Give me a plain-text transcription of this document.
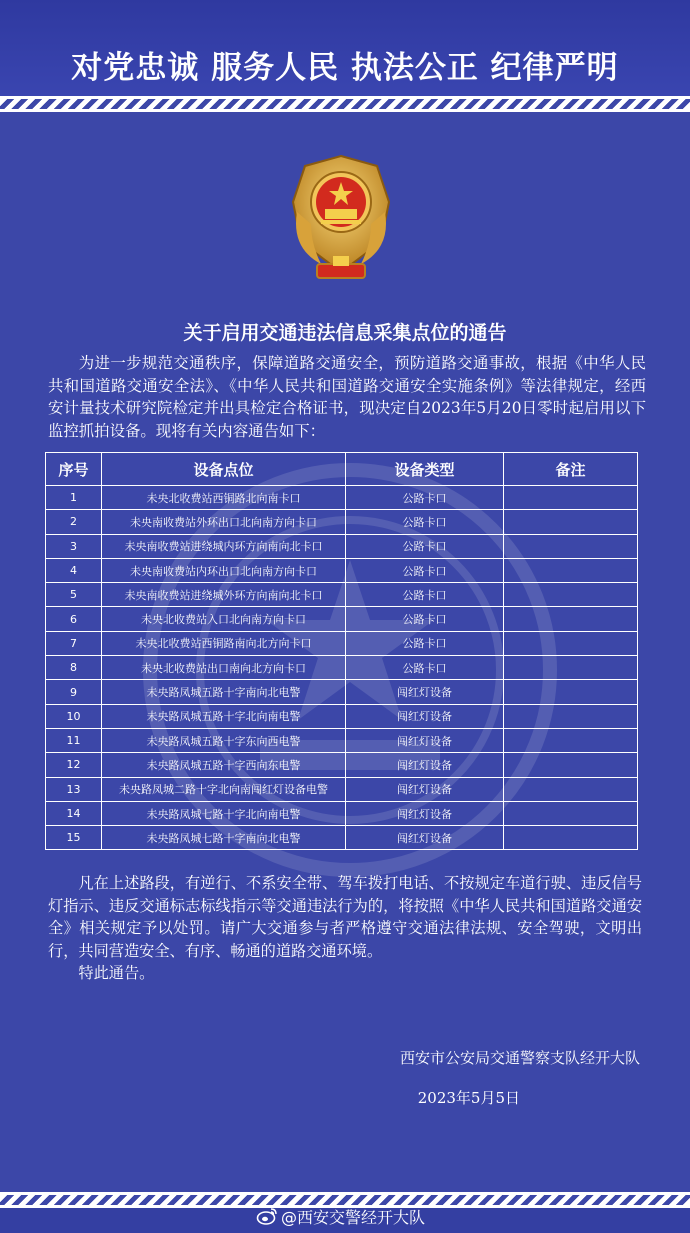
对党忠诚 服务人民 执法公正 纪律严明
关于启用交通违法信息采集点位的通告
为进一步规范交通秩序，保障道路交通安全，预防道路交通事故，根据《中华人民共和国道路交通安全法》、《中华人民共和国道路交通安全实施条例》等法律规定，经西安计量技术研究院检定并出具检定合格证书，现决定自2023年5月20日零时起启用以下监控抓拍设备。现将有关内容通告如下：
序号	设备点位	设备类型	备注
1	未央北收费站西铜路北向南卡口	公路卡口	
2	未央南收费站外环出口北向南方向卡口	公路卡口	
3	未央南收费站进绕城内环方向南向北卡口	公路卡口	
4	未央南收费站内环出口北向南方向卡口	公路卡口	
5	未央南收费站进绕城外环方向南向北卡口	公路卡口	
6	未央北收费站入口北向南方向卡口	公路卡口	
7	未央北收费站西铜路南向北方向卡口	公路卡口	
8	未央北收费站出口南向北方向卡口	公路卡口	
9	未央路凤城五路十字南向北电警	闯红灯设备	
10	未央路凤城五路十字北向南电警	闯红灯设备	
11	未央路凤城五路十字东向西电警	闯红灯设备	
12	未央路凤城五路十字西向东电警	闯红灯设备	
13	未央路凤城二路十字北向南闯红灯设备电警	闯红灯设备	
14	未央路凤城七路十字北向南电警	闯红灯设备	
15	未央路凤城七路十字南向北电警	闯红灯设备	

凡在上述路段，有逆行、不系安全带、驾车拨打电话、不按规定车道行驶、违反信号灯指示、违反交通标志标线指示等交通违法行为的，将按照《中华人民共和国道路交通安全》相关规定予以处罚。请广大交通参与者严格遵守交通法律法规、安全驾驶，文明出行，共同营造安全、有序、畅通的道路交通环境。

特此通告。

西安市公安局交通警察支队经开大队
2023年5月5日
@西安交警经开大队
